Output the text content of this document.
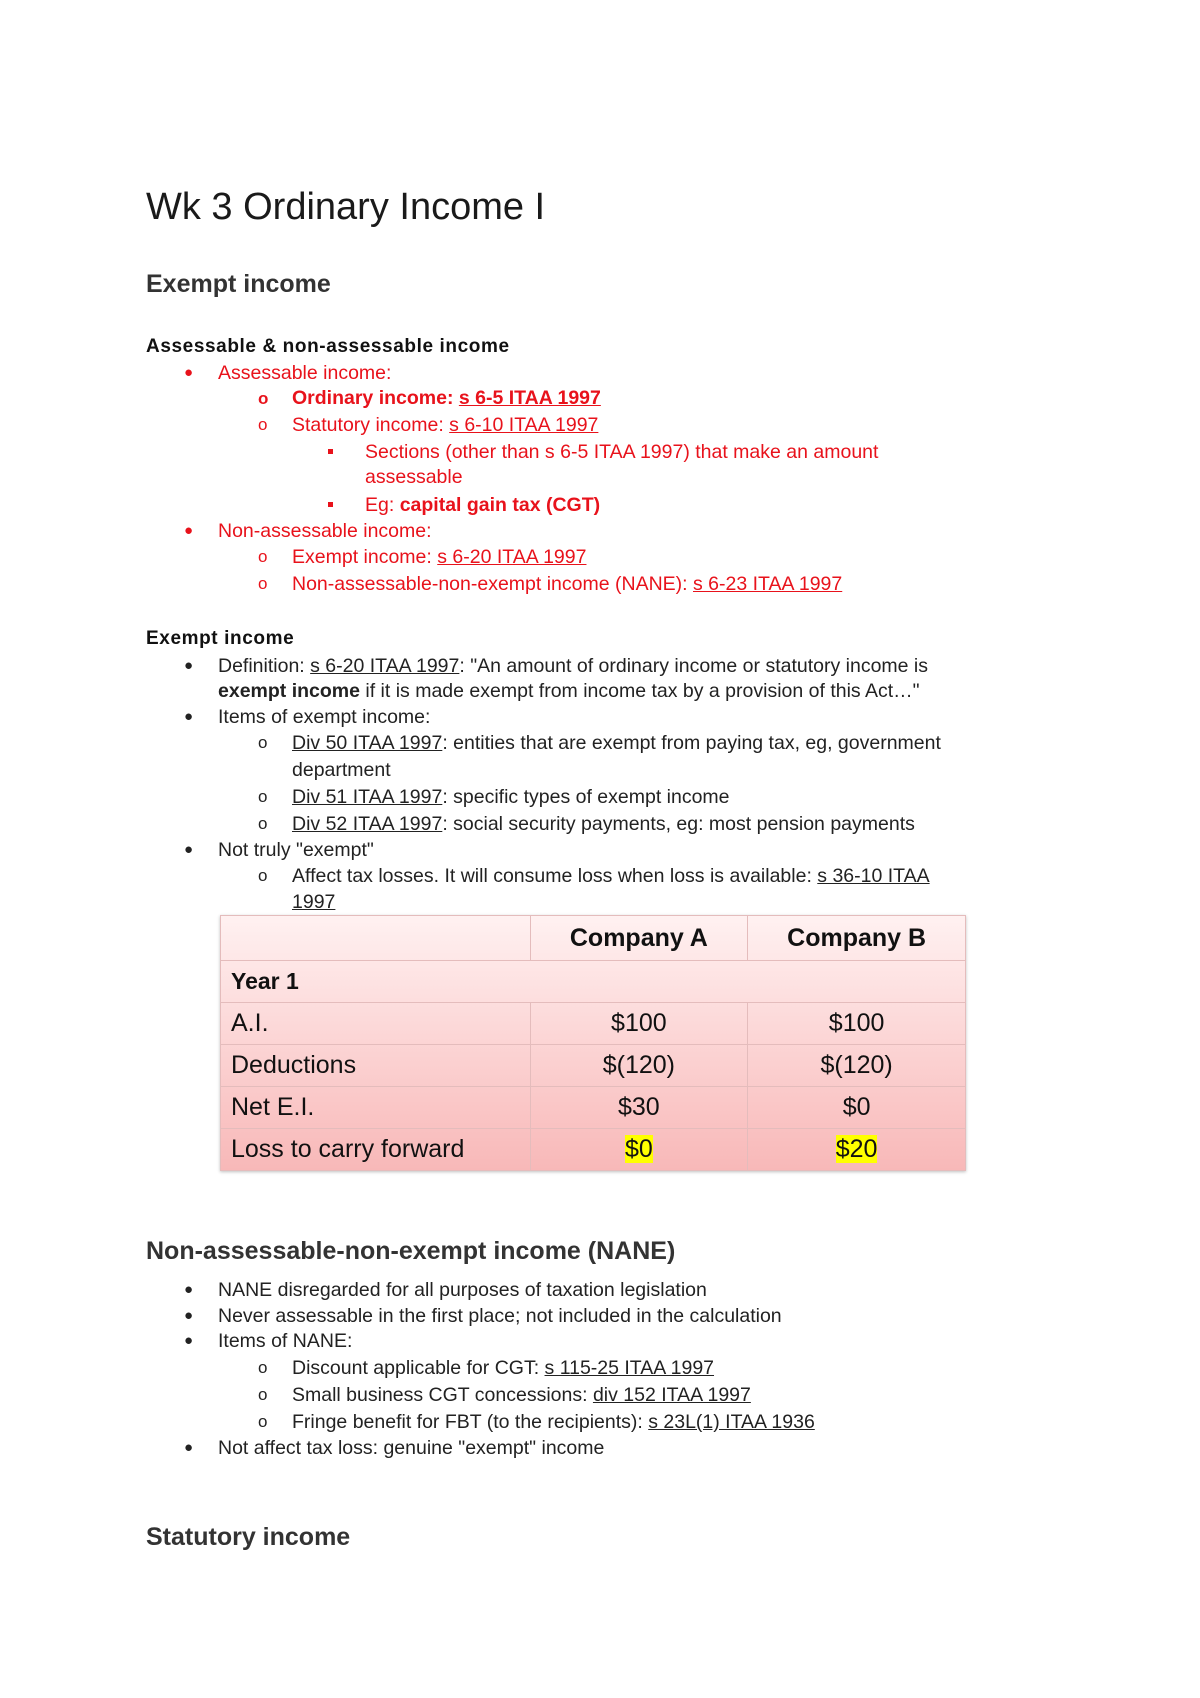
Wk 3 Ordinary Income I
Exempt income
Assessable & non-assessable income
● Assessable income:
o Ordinary income: s 6-5 ITAA 1997
o Statutory income: s 6-10 ITAA 1997
Sections (other than s 6-5 ITAA 1997) that make an amount
assessable
Eg: capital gain tax (CGT)
● Non-assessable income:
o Exempt income: s 6-20 ITAA 1997
o Non-assessable-non-exempt income (NANE): s 6-23 ITAA 1997
Exempt income
● Definition: s 6-20 ITAA 1997: "An amount of ordinary income or statutory income is
exempt income if it is made exempt from income tax by a provision of this Act…"
● Items of exempt income:
o Div 50 ITAA 1997: entities that are exempt from paying tax, eg, government
department
o Div 51 ITAA 1997: specific types of exempt income
o Div 52 ITAA 1997: social security payments, eg: most pension payments
● Not truly "exempt"
o Affect tax losses. It will consume loss when loss is available: s 36-10 ITAA
1997
	Company A	Company B
Year 1		
A.I.	$100	$100
Deductions	$(120)	$(120)
Net E.I.	$30	$0
Loss to carry forward	$0	$20
Non-assessable-non-exempt income (NANE)
● NANE disregarded for all purposes of taxation legislation
● Never assessable in the first place; not included in the calculation
● Items of NANE:
o Discount applicable for CGT: s 115-25 ITAA 1997
o Small business CGT concessions: div 152 ITAA 1997
o Fringe benefit for FBT (to the recipients): s 23L(1) ITAA 1936
● Not affect tax loss: genuine "exempt" income
Statutory income
